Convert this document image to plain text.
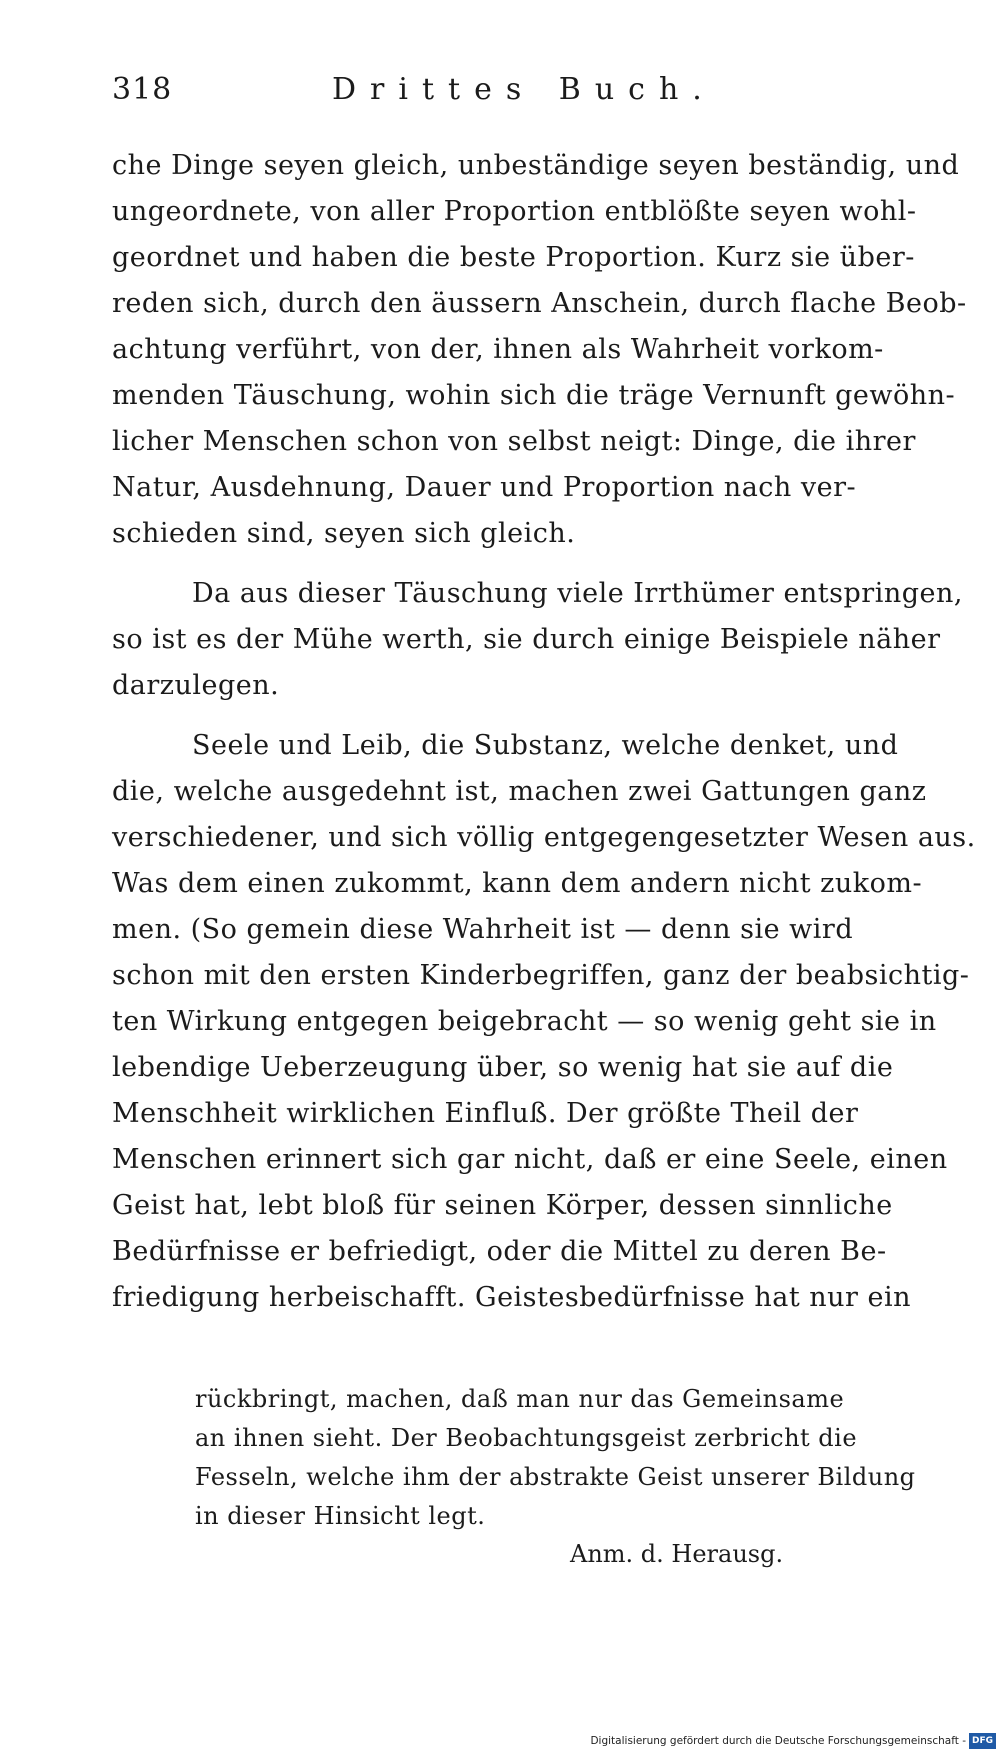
318	Drittes Buch.
che Dinge seyen gleich, unbeständige seyen beständig, und
ungeordnete, von aller Proportion entblößte seyen wohl-
geordnet und haben die beste Proportion. Kurz sie über-
reden sich, durch den äussern Anschein, durch flache Beob-
achtung verführt, von der, ihnen als Wahrheit vorkom-
menden Täuschung, wohin sich die träge Vernunft gewöhn-
licher Menschen schon von selbst neigt: Dinge, die ihrer
Natur, Ausdehnung, Dauer und Proportion nach ver-
schieden sind, seyen sich gleich.
Da aus dieser Täuschung viele Irrthümer entspringen,
so ist es der Mühe werth, sie durch einige Beispiele näher
darzulegen.
Seele und Leib, die Substanz, welche denket, und
die, welche ausgedehnt ist, machen zwei Gattungen ganz
verschiedener, und sich völlig entgegengesetzter Wesen aus.
Was dem einen zukommt, kann dem andern nicht zukom-
men. (So gemein diese Wahrheit ist — denn sie wird
schon mit den ersten Kinderbegriffen, ganz der beabsichtig-
ten Wirkung entgegen beigebracht — so wenig geht sie in
lebendige Ueberzeugung über, so wenig hat sie auf die
Menschheit wirklichen Einfluß. Der größte Theil der
Menschen erinnert sich gar nicht, daß er eine Seele, einen
Geist hat, lebt bloß für seinen Körper, dessen sinnliche
Bedürfnisse er befriedigt, oder die Mittel zu deren Be-
friedigung herbeischafft. Geistesbedürfnisse hat nur ein
rückbringt, machen, daß man nur das Gemeinsame
an ihnen sieht. Der Beobachtungsgeist zerbricht die
Fesseln, welche ihm der abstrakte Geist unserer Bildung
in dieser Hinsicht legt.
Anm. d. Herausg.
Digitalisierung gefördert durch die Deutsche Forschungsgemeinschaft - DFG
